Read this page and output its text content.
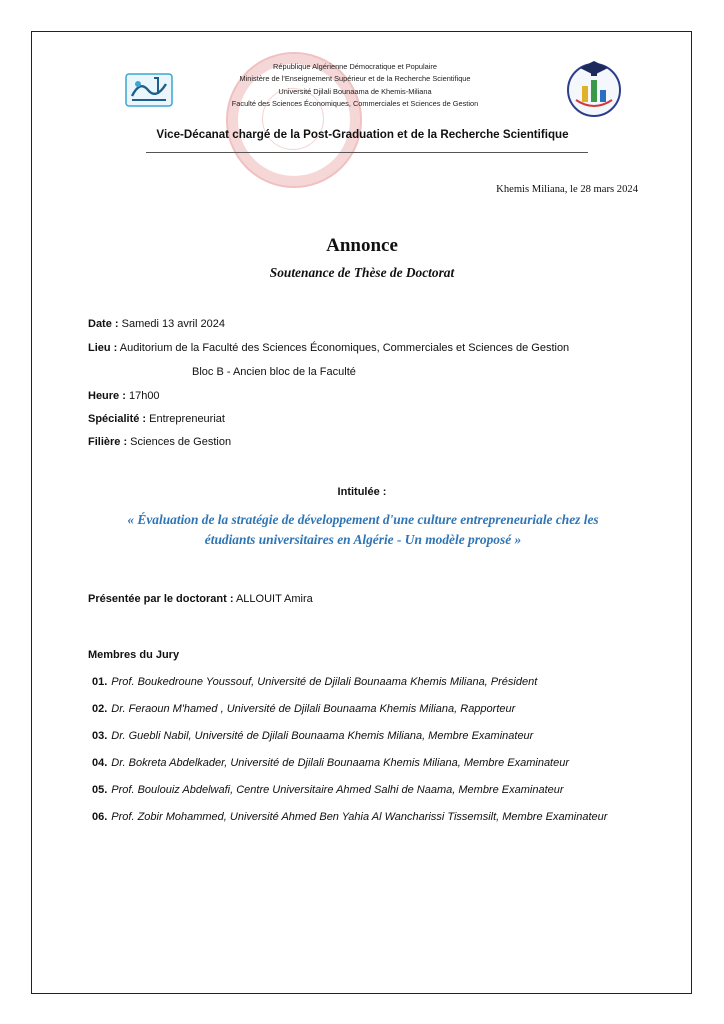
République Algérienne Démocratique et Populaire
Ministère de l'Enseignement Supérieur et de la Recherche Scientifique
Université Djilali Bounaama de Khemis-Miliana
Faculté des Sciences Économiques, Commerciales et Sciences de Gestion
Vice-Décanat chargé de la Post-Graduation et de la Recherche Scientifique
Khemis Miliana, le 28 mars 2024
Annonce
Soutenance de Thèse de Doctorat
Date : Samedi 13 avril 2024
Lieu : Auditorium de la Faculté des Sciences Économiques, Commerciales et Sciences de Gestion
Bloc B - Ancien bloc de la Faculté
Heure : 17h00
Spécialité : Entrepreneuriat
Filière : Sciences de Gestion
Intitulée :
« Évaluation de la stratégie de développement d'une culture entrepreneuriale chez les
étudiants universitaires en Algérie - Un modèle proposé »
Présentée par le doctorant : ALLOUIT Amira
Membres du Jury
01. Prof. Boukedroune Youssouf, Université de Djilali Bounaama Khemis Miliana, Président
02. Dr. Feraoun M'hamed , Université de Djilali Bounaama Khemis Miliana, Rapporteur
03. Dr. Guebli Nabil, Université de Djilali Bounaama Khemis Miliana, Membre Examinateur
04. Dr. Bokreta Abdelkader, Université de Djilali Bounaama Khemis Miliana, Membre Examinateur
05. Prof. Boulouiz Abdelwafi, Centre Universitaire Ahmed Salhi de Naama, Membre Examinateur
06. Prof. Zobir Mohammed, Université Ahmed Ben Yahia Al Wancharissi Tissemsilt, Membre Examinateur
